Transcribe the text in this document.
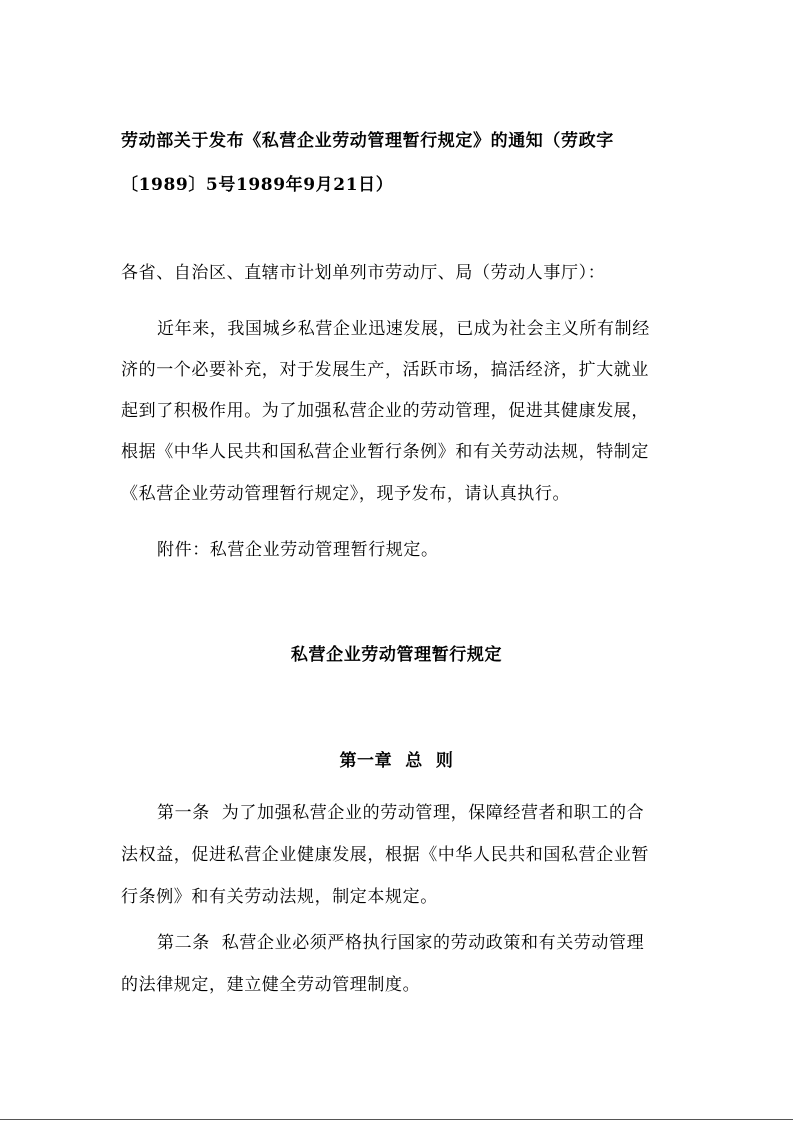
劳动部关于发布《私营企业劳动管理暂行规定》的通知（劳政字
〔1989〕5号1989年9月21日）
各省、自治区、直辖市计划单列市劳动厅、局（劳动人事厅）：
近年来，我国城乡私营企业迅速发展，已成为社会主义所有制经
济的一个必要补充，对于发展生产，活跃市场，搞活经济，扩大就业
起到了积极作用。为了加强私营企业的劳动管理，促进其健康发展，
根据《中华人民共和国私营企业暂行条例》和有关劳动法规，特制定
《私营企业劳动管理暂行规定》，现予发布，请认真执行。
附件：私营企业劳动管理暂行规定。
私营企业劳动管理暂行规定
第一章  总  则
第一条  为了加强私营企业的劳动管理，保障经营者和职工的合
法权益，促进私营企业健康发展，根据《中华人民共和国私营企业暂
行条例》和有关劳动法规，制定本规定。
第二条  私营企业必须严格执行国家的劳动政策和有关劳动管理
的法律规定，建立健全劳动管理制度。
